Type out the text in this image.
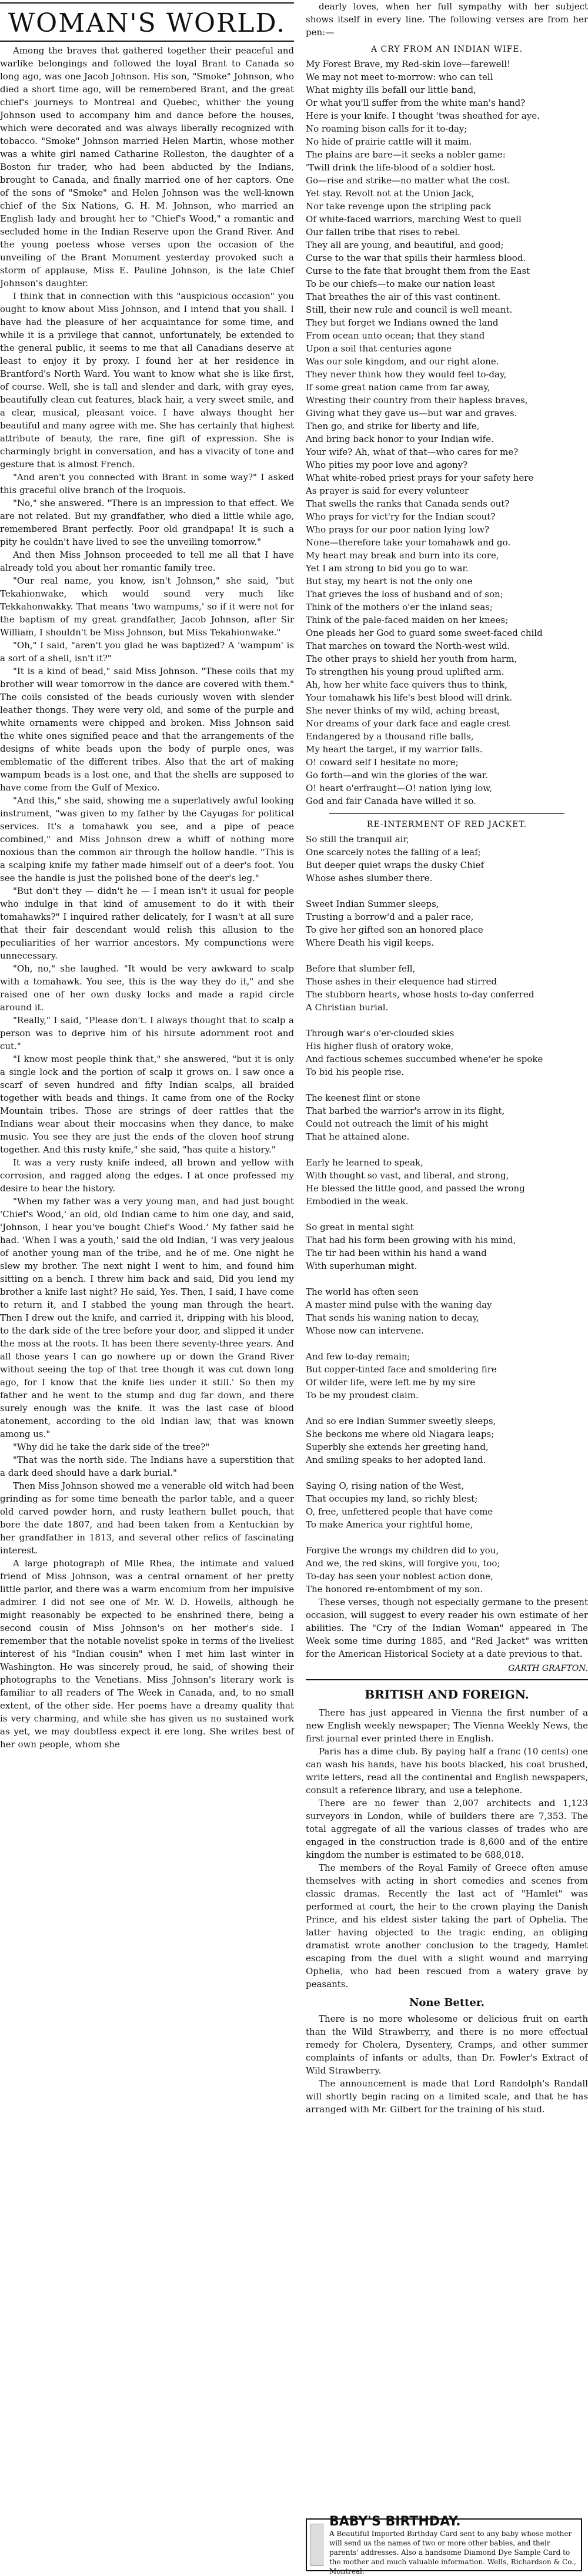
WOMAN'S WORLD.

Among the braves that gathered together their peaceful and warlike belongings and followed the loyal Brant to Canada so long ago, was one Jacob Johnson. His son, "Smoke" Johnson, who died a short time ago, will be remembered Brant, and the great chief's journeys to Montreal and Quebec, whither the young Johnson used to accompany him and dance before the houses, which were decorated and was always liberally recognized with tobacco. "Smoke" Johnson married Helen Martin, whose mother was a white girl named Catharine Rolleston, the daughter of a Boston fur trader, who had been abducted by the Indians, brought to Canada, and finally married one of her captors. One of the sons of "Smoke" and Helen Johnson was the well-known chief of the Six Nations, G. H. M. Johnson, who married an English lady and brought her to "Chief's Wood," a romantic and secluded home in the Indian Reserve upon the Grand River. And the young poetess whose verses upon the occasion of the unveiling of the Brant Monument yesterday provoked such a storm of applause, Miss E. Pauline Johnson, is the late Chief Johnson's daughter.

I think that in connection with this "auspicious occasion" you ought to know about Miss Johnson, and I intend that you shall. I have had the pleasure of her acquaintance for some time, and while it is a privilege that cannot, unfortunately, be extended to the general public, it seems to me that all Canadians deserve at least to enjoy it by proxy. I found her at her residence in Brantford's North Ward. You want to know what she is like first, of course. Well, she is tall and slender and dark, with gray eyes, beautifully clean cut features, black hair, a very sweet smile, and a clear, musical, pleasant voice. I have always thought her beautiful and many agree with me. She has certainly that highest attribute of beauty, the rare, fine gift of expression. She is charmingly bright in conversation, and has a vivacity of tone and gesture that is almost French.

"And aren't you connected with Brant in some way?" I asked this graceful olive branch of the Iroquois.

"No," she answered. "There is an impression to that effect. We are not related. But my grandfather, who died a little while ago, remembered Brant perfectly. Poor old grandpapa! It is such a pity he couldn't have lived to see the unveiling tomorrow."

And then Miss Johnson proceeded to tell me all that I have already told you about her romantic family tree.

"Our real name, you know, isn't Johnson," she said, "but Tekahionwake, which would sound very much like Tekkahonwakky. That means 'two wampums,' so if it were not for the baptism of my great grandfather, Jacob Johnson, after Sir William, I shouldn't be Miss Johnson, but Miss Tekahionwake."

"Oh," I said, "aren't you glad he was baptized? A 'wampum' is a sort of a shell, isn't it?"

"It is a kind of bead," said Miss Johnson. "These coils that my brother will wear tomorrow in the dance are covered with them." The coils consisted of the beads curiously woven with slender leather thongs. They were very old, and some of the purple and white ornaments were chipped and broken. Miss Johnson said the white ones signified peace and that the arrangements of the designs of white beads upon the body of purple ones, was emblematic of the different tribes. Also that the art of making wampum beads is a lost one, and that the shells are supposed to have come from the Gulf of Mexico.

"And this," she said, showing me a superlatively awful looking instrument, "was given to my father by the Cayugas for political services. It's a tomahawk you see, and a pipe of peace combined," and Miss Johnson drew a whiff of nothing more noxious than the common air through the hollow handle. "This is a scalping knife my father made himself out of a deer's foot. You see the handle is just the polished bone of the deer's leg."

"But don't they — didn't he — I mean isn't it usual for people who indulge in that kind of amusement to do it with their tomahawks?" I inquired rather delicately, for I wasn't at all sure that their fair descendant would relish this allusion to the peculiarities of her warrior ancestors. My compunctions were unnecessary.

"Oh, no," she laughed. "It would be very awkward to scalp with a tomahawk. You see, this is the way they do it," and she raised one of her own dusky locks and made a rapid circle around it.

"Really," I said, "Please don't. I always thought that to scalp a person was to deprive him of his hirsute adornment root and cut."

"I know most people think that," she answered, "but it is only a single lock and the portion of scalp it grows on. I saw once a scarf of seven hundred and fifty Indian scalps, all braided together with beads and things. It came from one of the Rocky Mountain tribes. Those are strings of deer rattles that the Indians wear about their moccasins when they dance, to make music. You see they are just the ends of the cloven hoof strung together. And this rusty knife," she said, "has quite a history."

It was a very rusty knife indeed, all brown and yellow with corrosion, and ragged along the edges. I at once professed my desire to hear the history.

"When my father was a very young man, and had just bought 'Chief's Wood,' an old, old Indian came to him one day, and said, 'Johnson, I hear you've bought Chief's Wood.' My father said he had. 'When I was a youth,' said the old Indian, 'I was very jealous of another young man of the tribe, and he of me. One night he slew my brother. The next night I went to him, and found him sitting on a bench. I threw him back and said, Did you lend my brother a knife last night? He said, Yes. Then, I said, I have come to return it, and I stabbed the young man through the heart. Then I drew out the knife, and carried it, dripping with his blood, to the dark side of the tree before your door, and slipped it under the moss at the roots. It has been there seventy-three years. And all those years I can go nowhere up or down the Grand River without seeing the top of that tree though it was cut down long ago, for I know that the knife lies under it still.' So then my father and he went to the stump and dug far down, and there surely enough was the knife. It was the last case of blood atonement, according to the old Indian law, that was known among us."

"Why did he take the dark side of the tree?"

"That was the north side. The Indians have a superstition that a dark deed should have a dark burial."

Then Miss Johnson showed me a venerable old witch had been grinding as for some time beneath the parlor table, and a queer old carved powder horn, and rusty leathern bullet pouch, that bore the date 1807, and had been taken from a Kentuckian by her grandfather in 1813, and several other relics of fascinating interest.

A large photograph of Mlle Rhea, the intimate and valued friend of Miss Johnson, was a central ornament of her pretty little parlor, and there was a warm encomium from her impulsive admirer. I did not see one of Mr. W. D. Howells, although he might reasonably be expected to be enshrined there, being a second cousin of Miss Johnson's on her mother's side. I remember that the notable novelist spoke in terms of the liveliest interest of his "Indian cousin" when I met him last winter in Washington. He was sincerely proud, he said, of showing their photographs to the Venetians. Miss Johnson's literary work is familiar to all readers of The Week in Canada, and, to no small extent, of the other side. Her poems have a dreamy quality that is very charming, and while she has given us no sustained work as yet, we may doubtless expect it ere long. She writes best of her own people, whom she

dearly loves, when her full sympathy with her subject shows itself in every line. The following verses are from her pen:—

A CRY FROM AN INDIAN WIFE.

My Forest Brave, my Red-skin love—farewell!

We may not meet to-morrow: who can tell

What mighty ills befall our little band,

Or what you'll suffer from the white man's hand?

Here is your knife. I thought 'twas sheathed for aye.

No roaming bison calls for it to-day;

No hide of prairie cattle will it maim.

The plains are bare—it seeks a nobler game:

'Twill drink the life-blood of a soldier host.

Go—rise and strike—no matter what the cost.

Yet stay. Revolt not at the Union Jack,

Nor take revenge upon the stripling pack

Of white-faced warriors, marching West to quell

Our fallen tribe that rises to rebel.

They all are young, and beautiful, and good;

Curse to the war that spills their harmless blood.

Curse to the fate that brought them from the East

To be our chiefs—to make our nation least

That breathes the air of this vast continent.

Still, their new rule and council is well meant.

They but forget we Indians owned the land

From ocean unto ocean; that they stand

Upon a soil that centuries agone

Was our sole kingdom, and our right alone.

They never think how they would feel to-day,

If some great nation came from far away,

Wresting their country from their hapless braves,

Giving what they gave us—but war and graves.

Then go, and strike for liberty and life,

And bring back honor to your Indian wife.

Your wife? Ah, what of that—who cares for me?

Who pities my poor love and agony?

What white-robed priest prays for your safety here

As prayer is said for every volunteer

That swells the ranks that Canada sends out?

Who prays for vict'ry for the Indian scout?

Who prays for our poor nation lying low?

None—therefore take your tomahawk and go.

My heart may break and burn into its core,

Yet I am strong to bid you go to war.

But stay, my heart is not the only one

That grieves the loss of husband and of son;

Think of the mothers o'er the inland seas;

Think of the pale-faced maiden on her knees;

One pleads her God to guard some sweet-faced child

That marches on toward the North-west wild.

The other prays to shield her youth from harm,

To strengthen his young proud uplifted arm.

Ah, how her white face quivers thus to think,

Your tomahawk his life's best blood will drink.

She never thinks of my wild, aching breast,

Nor dreams of your dark face and eagle crest

Endangered by a thousand rifle balls,

My heart the target, if my warrior falls.

O! coward self I hesitate no more;

Go forth—and win the glories of the war.

O! heart o'erfraught—O! nation lying low,

God and fair Canada have willed it so.

RE-INTERMENT OF RED JACKET.

So still the tranquil air,

One scarcely notes the falling of a leaf;

But deeper quiet wraps the dusky Chief

Whose ashes slumber there.

Sweet Indian Summer sleeps,

Trusting a borrow'd and a paler race,

To give her gifted son an honored place

Where Death his vigil keeps.

Before that slumber fell,

Those ashes in their elequence had stirred

The stubborn hearts, whose hosts to-day conferred

A Christian burial.

Through war's o'er-clouded skies

His higher flush of oratory woke,

And factious schemes succumbed whene'er he spoke

To bid his people rise.

The keenest flint or stone

That barbed the warrior's arrow in its flight,

Could not outreach the limit of his might

That he attained alone.

Early he learned to speak,

With thought so vast, and liberal, and strong,

He blessed the little good, and passed the wrong

Embodied in the weak.

So great in mental sight

That had his form been growing with his mind,

The tir had been within his hand a wand

With superhuman might.

The world has often seen

A master mind pulse with the waning day

That sends his waning nation to decay,

Whose now can intervene.

And few to-day remain;

But copper-tinted face and smoldering fire

Of wilder life, were left me by my sire

To be my proudest claim.

And so ere Indian Summer sweetly sleeps,

She beckons me where old Niagara leaps;

Superbly she extends her greeting hand,

And smiling speaks to her adopted land.

Saying O, rising nation of the West,

That occupies my land, so richly blest;

O, free, unfettered people that have come

To make America your rightful home,

Forgive the wrongs my children did to you,

And we, the red skins, will forgive you, too;

To-day has seen your noblest action done,

The honored re-entombment of my son.

These verses, though not especially germane to the present occasion, will suggest to every reader his own estimate of her abilities. The "Cry of the Indian Woman" appeared in The Week some time during 1885, and "Red Jacket" was written for the American Historical Society at a date previous to that.

GARTH GRAFTON.
BRITISH AND FOREIGN.

There has just appeared in Vienna the first number of a new English weekly newspaper; The Vienna Weekly News, the first journal ever printed there in English.

Paris has a dime club. By paying half a franc (10 cents) one can wash his hands, have his boots blacked, his coat brushed, write letters, read all the continental and English newspapers, consult a reference library, and use a telephone.

There are no fewer than 2,007 architects and 1,123 surveyors in London, while of builders there are 7,353. The total aggregate of all the various classes of trades who are engaged in the construction trade is 8,600 and of the entire kingdom the number is estimated to be 688,018.

The members of the Royal Family of Greece often amuse themselves with acting in short comedies and scenes from classic dramas. Recently the last act of "Hamlet" was performed at court, the heir to the crown playing the Danish Prince, and his eldest sister taking the part of Ophelia. The latter having objected to the tragic ending, an obliging dramatist wrote another conclusion to the tragedy, Hamlet escaping from the duel with a slight wound and marrying Ophelia, who had been rescued from a watery grave by peasants.

None Better.

There is no more wholesome or delicious fruit on earth than the Wild Strawberry, and there is no more effectual remedy for Cholera, Dysentery, Cramps, and other summer complaints of infants or adults, than Dr. Fowler's Extract of Wild Strawberry.

The announcement is made that Lord Randolph's Randall will shortly begin racing on a limited scale, and that he has arranged with Mr. Gilbert for the training of his stud.

BABY'S BIRTHDAY.
A Beautiful Imported Birthday Card sent to any baby whose mother will send us the names of two or more other babies, and their parents' addresses. Also a handsome Diamond Dye Sample Card to the mother and much valuable information. Wells, Richardson & Co., Montreal.
